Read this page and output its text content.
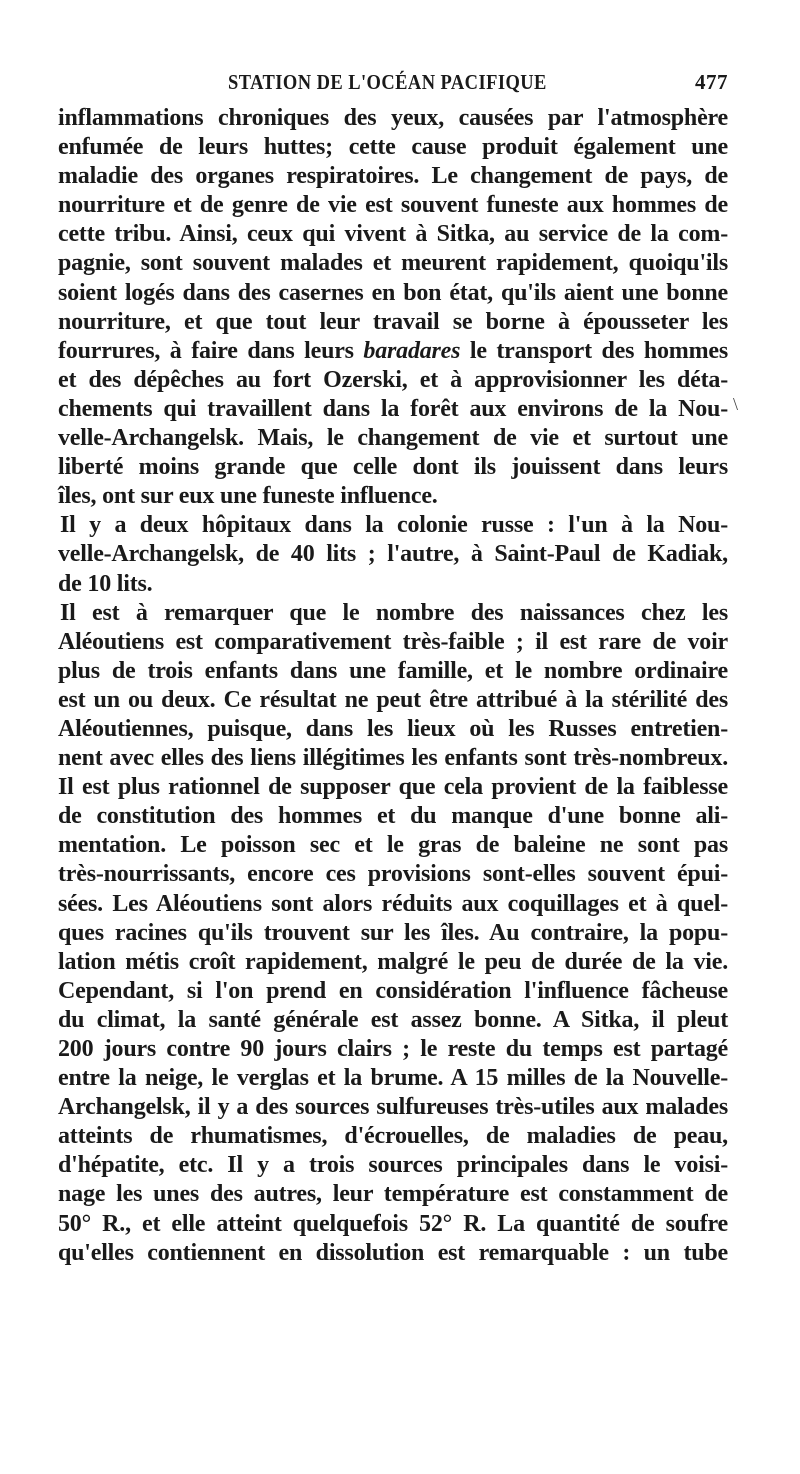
STATION DE L'OCÉAN PACIFIQUE	477
\
inflammations chroniques des yeux, causées par l'atmosphère
enfumée de leurs huttes; cette cause produit également une
maladie des organes respiratoires. Le changement de pays, de
nourriture et de genre de vie est souvent funeste aux hommes de
cette tribu. Ainsi, ceux qui vivent à Sitka, au service de la com-
pagnie, sont souvent malades et meurent rapidement, quoiqu'ils
soient logés dans des casernes en bon état, qu'ils aient une bonne
nourriture, et que tout leur travail se borne à épousseter les
fourrures, à faire dans leurs baradares le transport des hommes
et des dépêches au fort Ozerski, et à approvisionner les déta-
chements qui travaillent dans la forêt aux environs de la Nou-
velle-Archangelsk. Mais, le changement de vie et surtout une
liberté moins grande que celle dont ils jouissent dans leurs
îles, ont sur eux une funeste influence.
Il y a deux hôpitaux dans la colonie russe : l'un à la Nou-
velle-Archangelsk, de 40 lits ; l'autre, à Saint-Paul de Kadiak,
de 10 lits.
Il est à remarquer que le nombre des naissances chez les
Aléoutiens est comparativement très-faible ; il est rare de voir
plus de trois enfants dans une famille, et le nombre ordinaire
est un ou deux. Ce résultat ne peut être attribué à la stérilité des
Aléoutiennes, puisque, dans les lieux où les Russes entretien-
nent avec elles des liens illégitimes les enfants sont très-nombreux.
Il est plus rationnel de supposer que cela provient de la faiblesse
de constitution des hommes et du manque d'une bonne ali-
mentation. Le poisson sec et le gras de baleine ne sont pas
très-nourrissants, encore ces provisions sont-elles souvent épui-
sées. Les Aléoutiens sont alors réduits aux coquillages et à quel-
ques racines qu'ils trouvent sur les îles. Au contraire, la popu-
lation métis croît rapidement, malgré le peu de durée de la vie.
Cependant, si l'on prend en considération l'influence fâcheuse
du climat, la santé générale est assez bonne. A Sitka, il pleut
200 jours contre 90 jours clairs ; le reste du temps est partagé
entre la neige, le verglas et la brume. A 15 milles de la Nouvelle-
Archangelsk, il y a des sources sulfureuses très-utiles aux malades
atteints de rhumatismes, d'écrouelles, de maladies de peau,
d'hépatite, etc. Il y a trois sources principales dans le voisi-
nage les unes des autres, leur température est constamment de
50° R., et elle atteint quelquefois 52° R. La quantité de soufre
qu'elles contiennent en dissolution est remarquable : un tube
